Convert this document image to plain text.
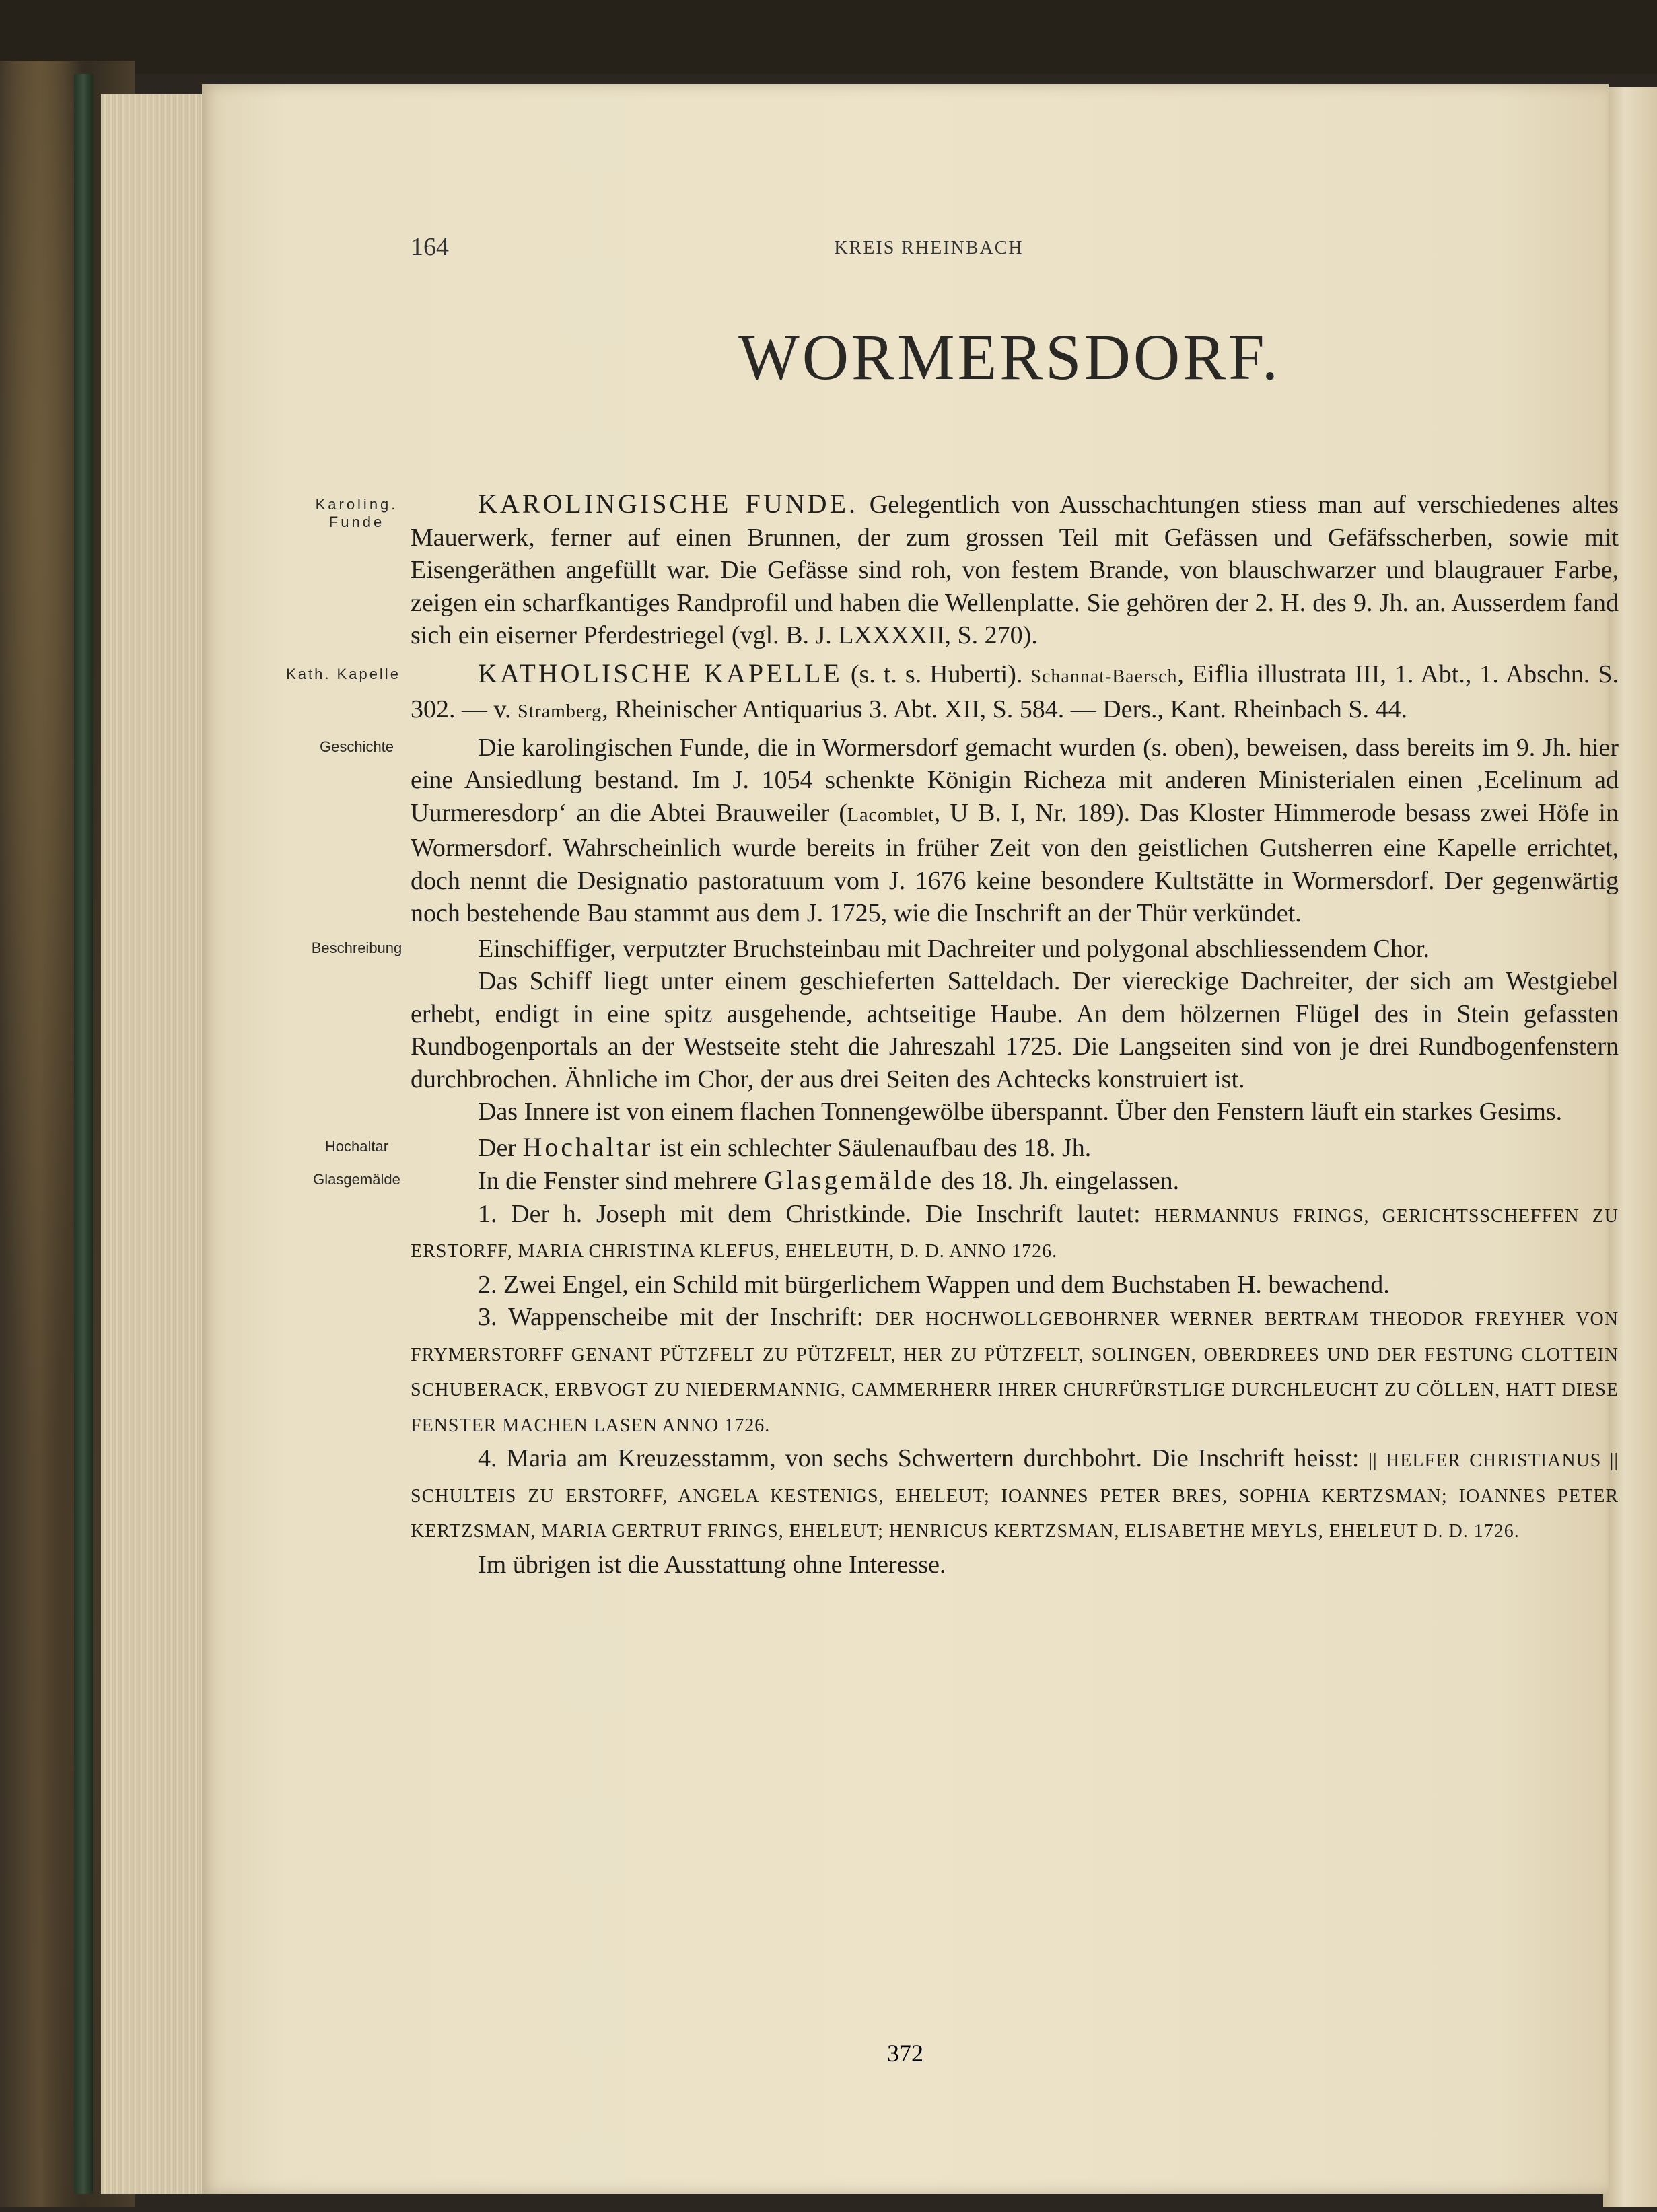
164	KREIS RHEINBACH

WORMERSDORF.

Karoling. Funde
KAROLINGISCHE FUNDE. Gelegentlich von Ausschachtungen stiess man auf verschiedenes altes Mauerwerk, ferner auf einen Brunnen, der zum grossen Teil mit Gefässen und Gefäfsscherben, sowie mit Eisengeräthen angefüllt war. Die Gefässe sind roh, von festem Brande, von blauschwarzer und blaugrauer Farbe, zeigen ein scharfkantiges Randprofil und haben die Wellenplatte. Sie gehören der 2. H. des 9. Jh. an. Ausserdem fand sich ein eiserner Pferdestriegel (vgl. B. J. LXXXXII, S. 270).

Kath. Kapelle	KATHOLISCHE KAPELLE (s. t. s. Huberti). Schannat-Baersch, Eiflia illustrata III, 1. Abt., 1. Abschn. S. 302. — v. Stramberg, Rheinischer Antiquarius 3. Abt. XII, S. 584. — Ders., Kant. Rheinbach S. 44.

Geschichte	Die karolingischen Funde, die in Wormersdorf gemacht wurden (s. oben), beweisen, dass bereits im 9. Jh. hier eine Ansiedlung bestand. Im J. 1054 schenkte Königin Richeza mit anderen Ministerialen einen ‚Ecelinum ad Uurmeresdorp‘ an die Abtei Brauweiler (Lacomblet, U B. I, Nr. 189). Das Kloster Himmerode besass zwei Höfe in Wormersdorf. Wahrscheinlich wurde bereits in früher Zeit von den geistlichen Gutsherren eine Kapelle errichtet, doch nennt die Designatio pastoratuum vom J. 1676 keine besondere Kultstätte in Wormersdorf. Der gegenwärtig noch bestehende Bau stammt aus dem J. 1725, wie die Inschrift an der Thür verkündet.

Beschreibung	Einschiffiger, verputzter Bruchsteinbau mit Dachreiter und polygonal abschliessendem Chor.

Das Schiff liegt unter einem geschieferten Satteldach. Der viereckige Dachreiter, der sich am Westgiebel erhebt, endigt in eine spitz ausgehende, achtseitige Haube. An dem hölzernen Flügel des in Stein gefassten Rundbogenportals an der Westseite steht die Jahreszahl 1725. Die Langseiten sind von je drei Rundbogenfenstern durchbrochen. Ähnliche im Chor, der aus drei Seiten des Achtecks konstruiert ist.

Das Innere ist von einem flachen Tonnengewölbe überspannt. Über den Fenstern läuft ein starkes Gesims.

Hochaltar	Der Hochaltar ist ein schlechter Säulenaufbau des 18. Jh.

Glasgemälde	In die Fenster sind mehrere Glasgemälde des 18. Jh. eingelassen.

1. Der h. Joseph mit dem Christkinde. Die Inschrift lautet: HERMANNUS FRINGS, GERICHTSSCHEFFEN ZU ERSTORFF, MARIA CHRISTINA KLEFUS, EHELEUTH, D. D. ANNO 1726.

2. Zwei Engel, ein Schild mit bürgerlichem Wappen und dem Buchstaben H. bewachend.

3. Wappenscheibe mit der Inschrift: DER HOCHWOLLGEBOHRNER WERNER BERTRAM THEODOR FREYHER VON FRYMERSTORFF GENANT PÜTZFELT ZU PÜTZFELT, HER ZU PÜTZFELT, SOLINGEN, OBERDREES UND DER FESTUNG CLOTTEIN SCHUBERACK, ERBVOGT ZU NIEDERMANNIG, CAMMERHERR IHRER CHURFÜRSTLIGE DURCHLEUCHT ZU CÖLLEN, HATT DIESE FENSTER MACHEN LASEN ANNO 1726.

4. Maria am Kreuzesstamm, von sechs Schwertern durchbohrt. Die Inschrift heisst: || HELFER CHRISTIANUS || SCHULTEIS ZU ERSTORFF, ANGELA KESTENIGS, EHELEUT; IOANNES PETER BRES, SOPHIA KERTZSMAN; IOANNES PETER KERTZSMAN, MARIA GERTRUT FRINGS, EHELEUT; HENRICUS KERTZSMAN, ELISABETHE MEYLS, EHELEUT D. D. 1726.

Im übrigen ist die Ausstattung ohne Interesse.

372
